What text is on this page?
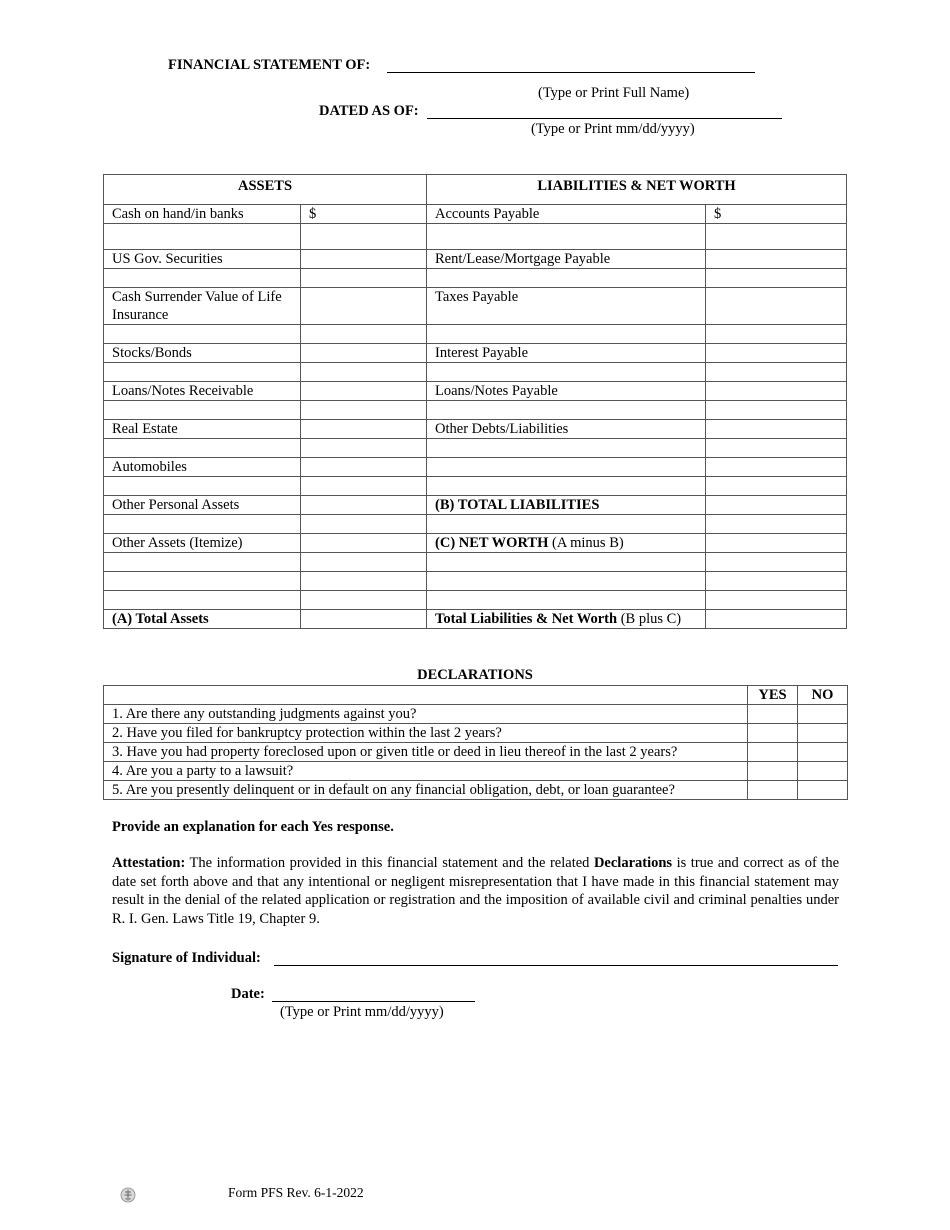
FINANCIAL STATEMENT OF:
(Type or Print Full Name)
DATED AS OF:
(Type or Print mm/dd/yyyy)
ASSETS		LIABILITIES & NET WORTH	
Cash on hand/in banks	$	Accounts Payable	$

US Gov. Securities		Rent/Lease/Mortgage Payable	

Cash Surrender Value of Life
Insurance		Taxes Payable	

Stocks/Bonds		Interest Payable	

Loans/Notes Receivable		Loans/Notes Payable	

Real Estate		Other Debts/Liabilities	

Automobiles			

Other Personal Assets		(B) TOTAL LIABILITIES	

Other Assets (Itemize)		(C) NET WORTH (A minus B)	

(A) Total Assets		Total Liabilities & Net Worth (B plus C)	
DECLARATIONS
	YES	NO
1. Are there any outstanding judgments against you?		
2. Have you filed for bankruptcy protection within the last 2 years?		
3. Have you had property foreclosed upon or given title or deed in lieu thereof in the last 2 years?		
4. Are you a party to a lawsuit?		
5. Are you presently delinquent or in default on any financial obligation, debt, or loan guarantee?		
Provide an explanation for each Yes response.
Attestation: The information provided in this financial statement and the related Declarations is true and correct as of the date set forth above and that any intentional or negligent misrepresentation that I have made in this financial statement may result in the denial of the related application or registration and the imposition of available civil and criminal penalties under R. I. Gen. Laws Title 19, Chapter 9.
Signature of Individual:
Date:
(Type or Print mm/dd/yyyy)
Form PFS Rev. 6-1-2022
